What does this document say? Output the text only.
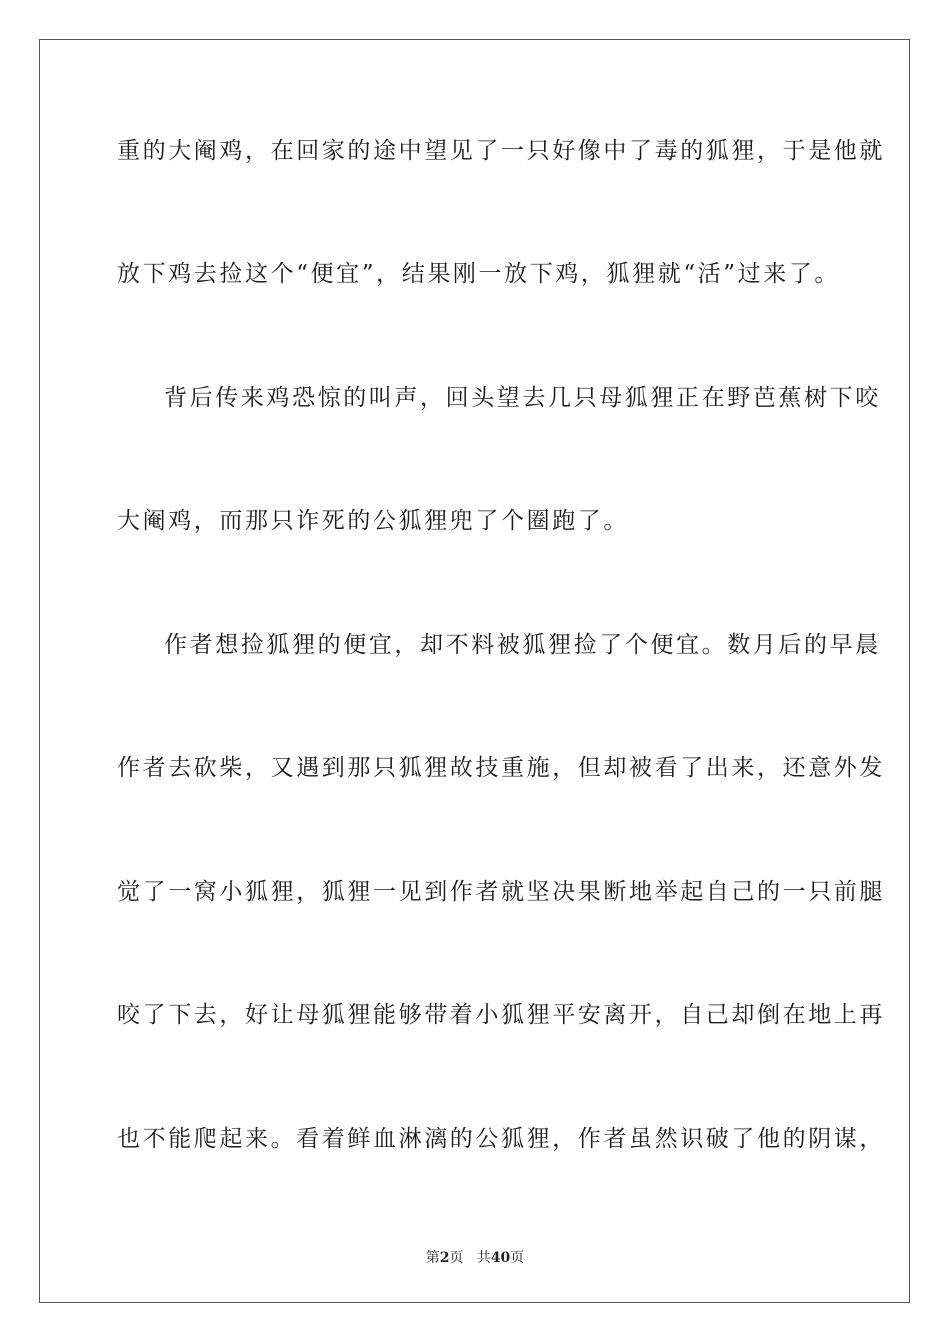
重的大阉鸡，在回家的途中望见了一只好像中了毒的狐狸，于是他就
放下鸡去捡这个“便宜”，结果刚一放下鸡，狐狸就“活”过来了。
背后传来鸡恐惊的叫声，回头望去几只母狐狸正在野芭蕉树下咬
大阉鸡，而那只诈死的公狐狸兜了个圈跑了。
作者想捡狐狸的便宜，却不料被狐狸捡了个便宜。数月后的早晨
作者去砍柴，又遇到那只狐狸故技重施，但却被看了出来，还意外发
觉了一窝小狐狸，狐狸一见到作者就坚决果断地举起自己的一只前腿
咬了下去，好让母狐狸能够带着小狐狸平安离开，自己却倒在地上再
也不能爬起来。看着鲜血淋漓的公狐狸，作者虽然识破了他的阴谋，
第2页 共40页
